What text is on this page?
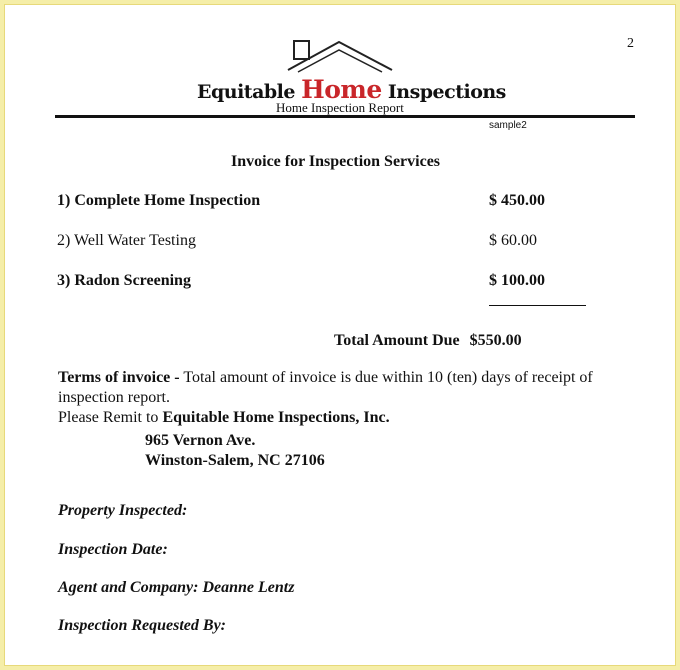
2
Equitable Home Inspections
Home Inspection Report
sample2
Invoice for Inspection Services
1) Complete Home Inspection	$ 450.00
2) Well Water Testing	$ 60.00
3) Radon Screening	$ 100.00
Total Amount Due $550.00
Terms of invoice - Total amount of invoice is due within 10 (ten) days of receipt of inspection report.
Please Remit to Equitable Home Inspections, Inc.
965 Vernon Ave.
Winston-Salem, NC 27106
Property Inspected:
Inspection Date:
Agent and Company: Deanne Lentz
Inspection Requested By:
